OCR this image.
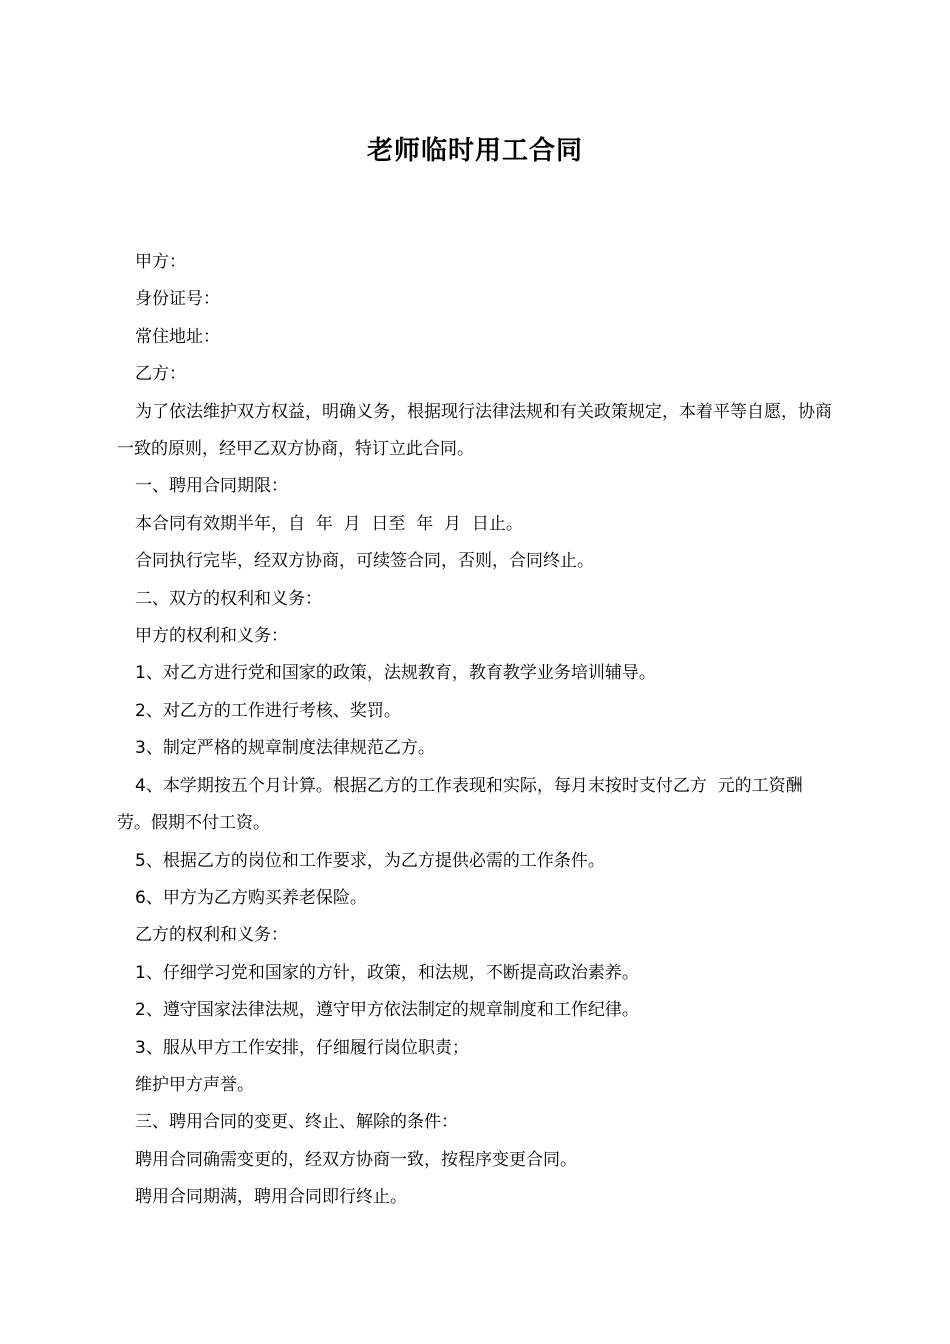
老师临时用工合同

甲方：

身份证号：

常住地址：

乙方：

为了依法维护双方权益，明确义务，根据现行法律法规和有关政策规定，本着平等自愿，协商一致的原则，经甲乙双方协商，特订立此合同。

一、聘用合同期限：

本合同有效期半年，自  年  月  日至  年  月  日止。

合同执行完毕，经双方协商，可续签合同，否则，合同终止。

二、双方的权利和义务：

甲方的权利和义务：

1、对乙方进行党和国家的政策，法规教育，教育教学业务培训辅导。

2、对乙方的工作进行考核、奖罚。

3、制定严格的规章制度法律规范乙方。

4、本学期按五个月计算。根据乙方的工作表现和实际，每月末按时支付乙方  元的工资酬劳。假期不付工资。

5、根据乙方的岗位和工作要求，为乙方提供必需的工作条件。

6、甲方为乙方购买养老保险。

乙方的权利和义务：

1、仔细学习党和国家的方针，政策，和法规，不断提高政治素养。

2、遵守国家法律法规，遵守甲方依法制定的规章制度和工作纪律。

3、服从甲方工作安排，仔细履行岗位职责；

维护甲方声誉。

三、聘用合同的变更、终止、解除的条件：

聘用合同确需变更的，经双方协商一致，按程序变更合同。

聘用合同期满，聘用合同即行终止。
